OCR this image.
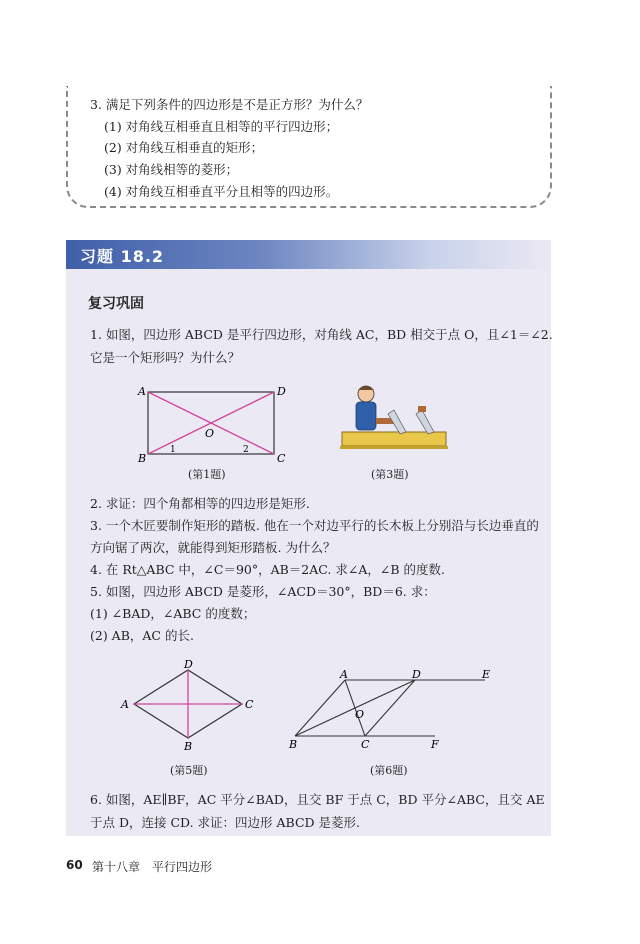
3. 满足下列条件的四边形是不是正方形？为什么？
(1) 对角线互相垂直且相等的平行四边形；
(2) 对角线互相垂直的矩形；
(3) 对角线相等的菱形；
(4) 对角线互相垂直平分且相等的四边形。
习题 18.2
复习巩固
1. 如图，四边形 ABCD 是平行四边形，对角线 AC，BD 相交于点 O，且∠1＝∠2.
它是一个矩形吗？为什么？
A	D
B	C
O
1	2
(第1题)	(第3题)
2. 求证：四个角都相等的四边形是矩形.
3. 一个木匠要制作矩形的踏板. 他在一个对边平行的长木板上分别沿与长边垂直的
方向锯了两次，就能得到矩形踏板. 为什么？
4. 在 Rt△ABC 中，∠C＝90°，AB＝2AC. 求∠A，∠B 的度数.
5. 如图，四边形 ABCD 是菱形，∠ACD＝30°，BD＝6. 求：
(1) ∠BAD，∠ABC 的度数；
(2) AB，AC 的长.
A
D
C
B
(第5题)
A	D	E
B	C	F
O
(第6题)
6. 如图，AE∥BF，AC 平分∠BAD，且交 BF 于点 C，BD 平分∠ABC，且交 AE
于点 D，连接 CD. 求证：四边形 ABCD 是菱形.
60 第十八章　平行四边形
